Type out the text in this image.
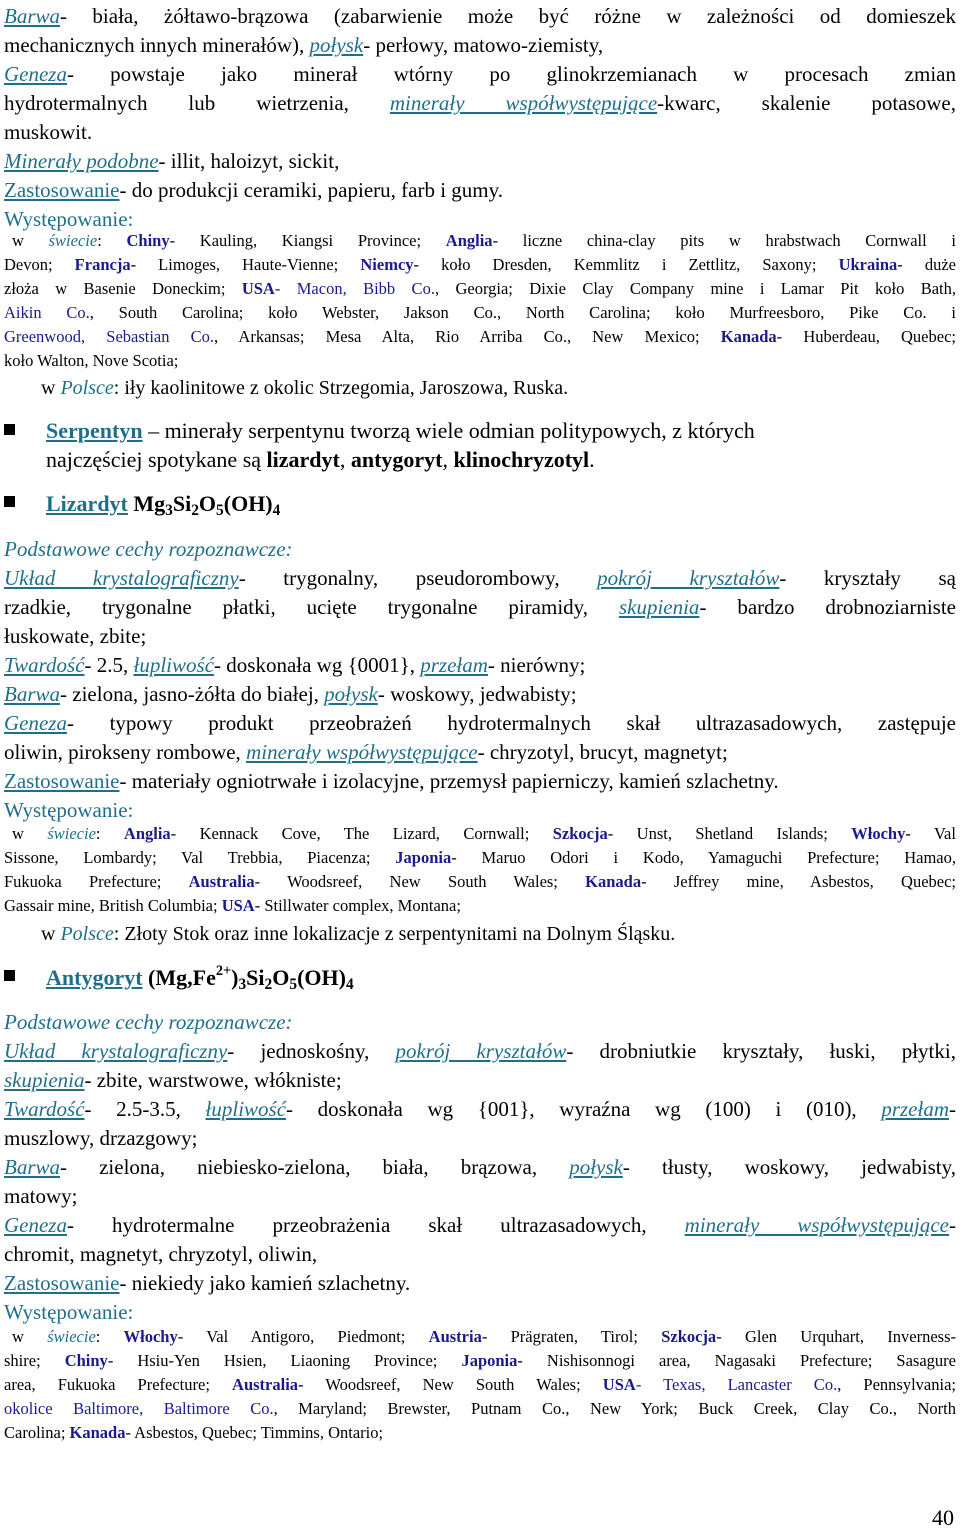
Barwa- biała, żółtawo-brązowa (zabarwienie może być różne w zależności od domieszek
mechanicznych innych minerałów), połysk- perłowy, matowo-ziemisty,
Geneza- powstaje jako minerał wtórny po glinokrzemianach w procesach zmian
hydrotermalnych lub wietrzenia, minerały współwystępujące-kwarc, skalenie potasowe,
muskowit.
Minerały podobne- illit, haloizyt, sickit,
Zastosowanie- do produkcji ceramiki, papieru, farb i gumy.
Występowanie:
w świecie: Chiny- Kauling, Kiangsi Province; Anglia- liczne china-clay pits w hrabstwach Cornwall i
Devon; Francja- Limoges, Haute-Vienne; Niemcy- koło Dresden, Kemmlitz i Zettlitz, Saxony; Ukraina- duże
złoża w Basenie Doneckim; USA- Macon, Bibb Co., Georgia; Dixie Clay Company mine i Lamar Pit koło Bath,
Aikin Co., South Carolina; koło Webster, Jakson Co., North Carolina; koło Murfreesboro, Pike Co. i
Greenwood, Sebastian Co., Arkansas; Mesa Alta, Rio Arriba Co., New Mexico; Kanada- Huberdeau, Quebec;
koło Walton, Nove Scotia;
w Polsce: iły kaolinitowe z okolic Strzegomia, Jaroszowa, Ruska.
Serpentyn – minerały serpentynu tworzą wiele odmian politypowych, z których
najczęściej spotykane są lizardyt, antygoryt, klinochryzotyl.
Lizardyt $Mg_3Si_2O_5(OH)_4$
Podstawowe cechy rozpoznawcze:
Układ krystalograficzny- trygonalny, pseudorombowy, pokrój kryształów- kryształy są
rzadkie, trygonalne płatki, ucięte trygonalne piramidy, skupienia- bardzo drobnoziarniste
łuskowate, zbite;
Twardość- 2.5, łupliwość- doskonała wg {0001}, przełam- nierówny;
Barwa- zielona, jasno-żółta do białej, połysk- woskowy, jedwabisty;
Geneza- typowy produkt przeobrażeń hydrotermalnych skał ultrazasadowych, zastępuje
oliwin, pirokseny rombowe, minerały współwystępujące- chryzotyl, brucyt, magnetyt;
Zastosowanie- materiały ogniotrwałe i izolacyjne, przemysł papierniczy, kamień szlachetny.
Występowanie:
w świecie: Anglia- Kennack Cove, The Lizard, Cornwall; Szkocja- Unst, Shetland Islands; Włochy- Val
Sissone, Lombardy; Val Trebbia, Piacenza; Japonia- Maruo Odori i Kodo, Yamaguchi Prefecture; Hamao,
Fukuoka Prefecture; Australia- Woodsreef, New South Wales; Kanada- Jeffrey mine, Asbestos, Quebec;
Gassair mine, British Columbia; USA- Stillwater complex, Montana;
w Polsce: Złoty Stok oraz inne lokalizacje z serpentynitami na Dolnym Śląsku.
Antygoryt $(Mg,Fe^{2+})_3Si_2O_5(OH)_4$
Podstawowe cechy rozpoznawcze:
Układ krystalograficzny- jednoskośny, pokrój kryształów- drobniutkie kryształy, łuski, płytki,
skupienia- zbite, warstwowe, włókniste;
Twardość- 2.5-3.5, łupliwość- doskonała wg {001}, wyraźna wg (100) i (010), przełam-
muszlowy, drzazgowy;
Barwa- zielona, niebiesko-zielona, biała, brązowa, połysk- tłusty, woskowy, jedwabisty,
matowy;
Geneza- hydrotermalne przeobrażenia skał ultrazasadowych, minerały współwystępujące-
chromit, magnetyt, chryzotyl, oliwin,
Zastosowanie- niekiedy jako kamień szlachetny.
Występowanie:
w świecie: Włochy- Val Antigoro, Piedmont; Austria- Prägraten, Tirol; Szkocja- Glen Urquhart, Inverness-
shire; Chiny- Hsiu-Yen Hsien, Liaoning Province; Japonia- Nishisonnogi area, Nagasaki Prefecture; Sasagure
area, Fukuoka Prefecture; Australia- Woodsreef, New South Wales; USA- Texas, Lancaster Co., Pennsylvania;
okolice Baltimore, Baltimore Co., Maryland; Brewster, Putnam Co., New York; Buck Creek, Clay Co., North
Carolina; Kanada- Asbestos, Quebec; Timmins, Ontario;
40
